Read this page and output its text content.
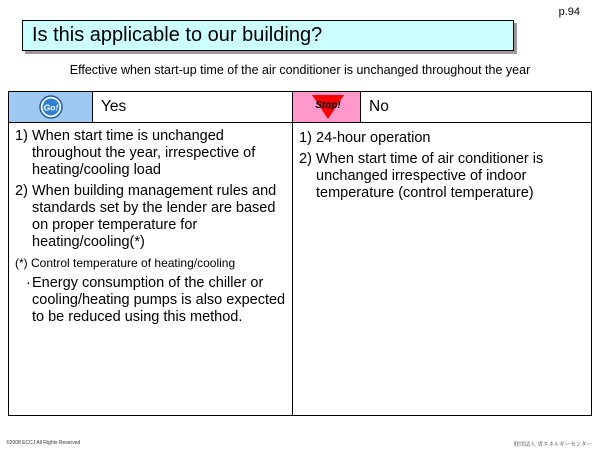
p.94
Is this applicable to our building?
Effective when start-up time of the air conditioner is unchanged throughout the year
Go!	Yes	Stop! No
1) When start time is unchanged throughout the year, irrespective of heating/cooling load
2) When building management rules and standards set by the lender are based on proper temperature for heating/cooling(*)
(*) Control temperature of heating/cooling
· Energy consumption of the chiller or cooling/heating pumps is also expected to be reduced using this method.
1) 24-hour operation
2) When start time of air conditioner is unchanged irrespective of indoor temperature (control temperature)
©2008 ECCJ All Rights Reserved	財団法人 省エネルギーセンター
